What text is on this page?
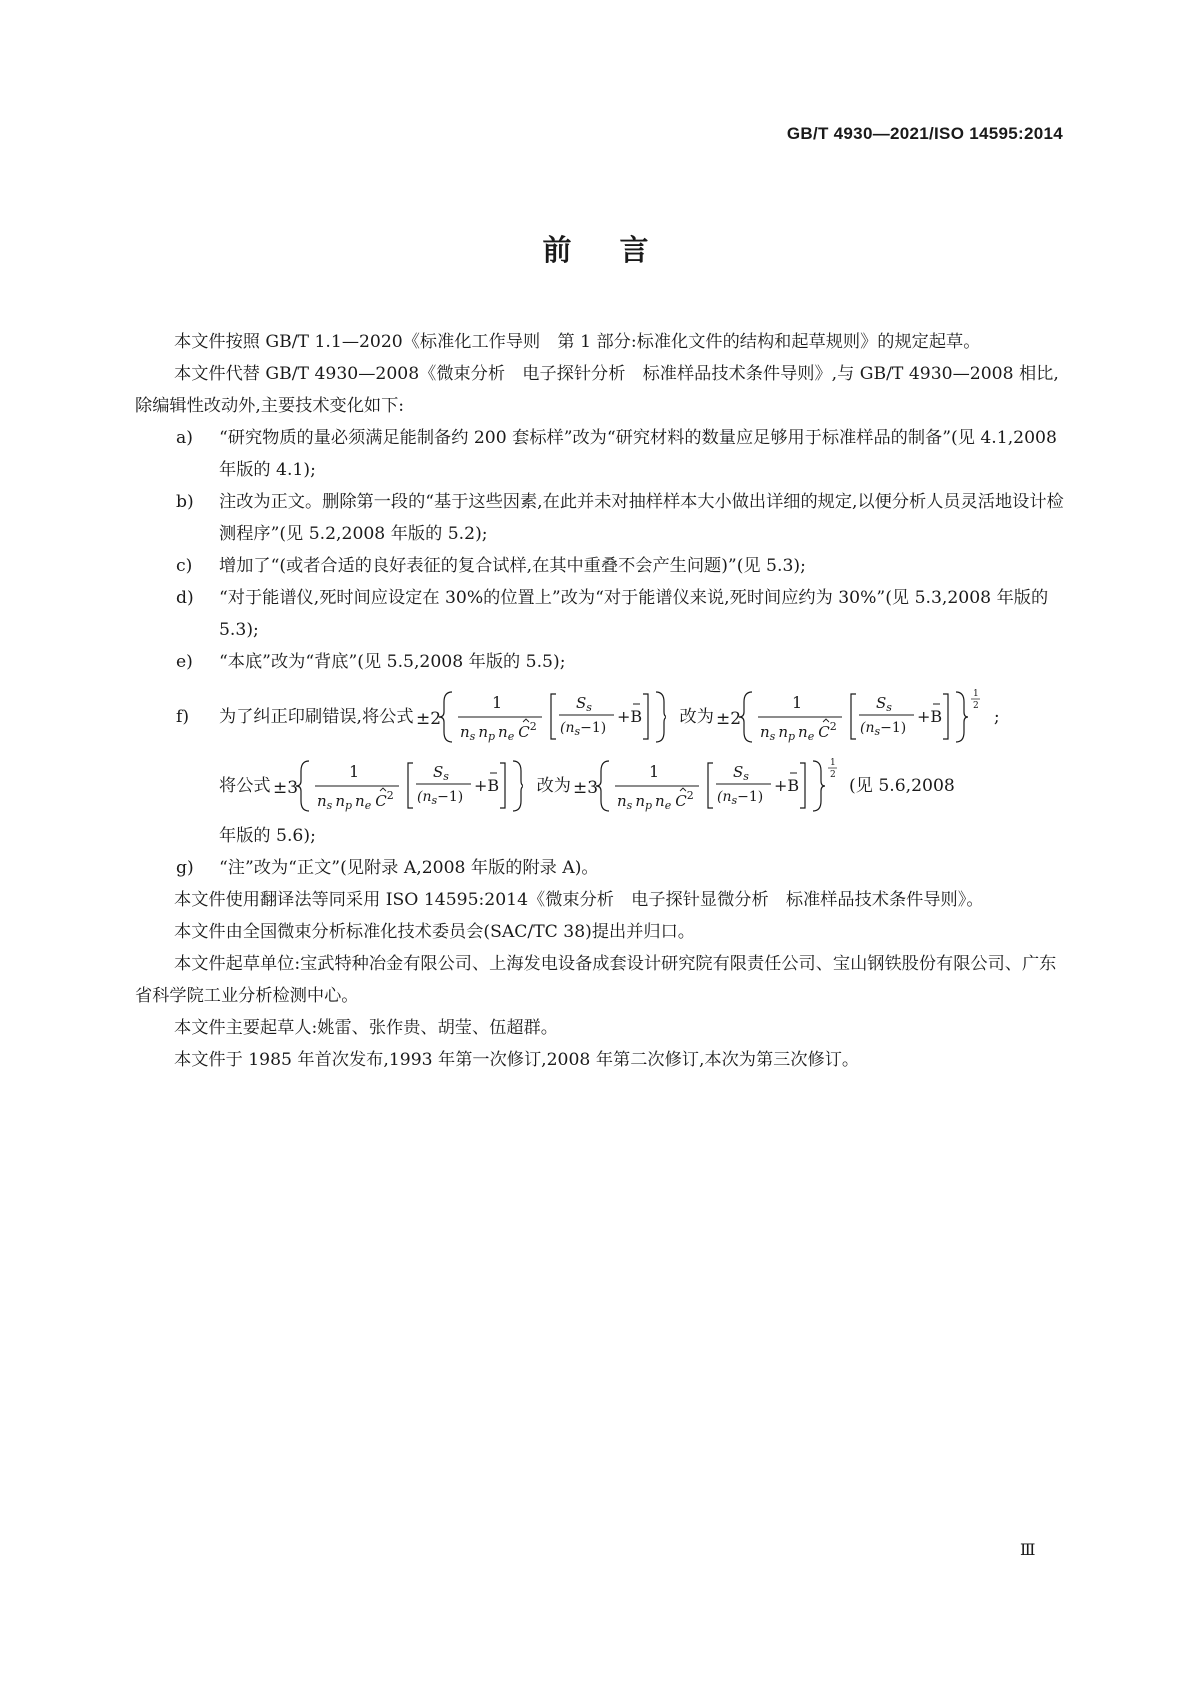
GB/T 4930—2021/ISO 14595:2014
前言

本文件按照 GB/T 1.1—2020《标准化工作导则　第 1 部分:标准化文件的结构和起草规则》的规定起草。

本文件代替 GB/T 4930—2008《微束分析　电子探针分析　标准样品技术条件导则》,与 GB/T 4930—2008 相比,除编辑性改动外,主要技术变化如下:

a) “研究物质的量必须满足能制备约 200 套标样”改为“研究材料的数量应足够用于标准样品的制备”(见 4.1,2008 年版的 4.1);
b) 注改为正文。删除第一段的“基于这些因素,在此并未对抽样样本大小做出详细的规定,以便分析人员灵活地设计检测程序”(见 5.2,2008 年版的 5.2);
c) 增加了“(或者合适的良好表征的复合试样,在其中重叠不会产生问题)”(见 5.3);
d) “对于能谱仪,死时间应设定在 30%的位置上”改为“对于能谱仪来说,死时间应约为 30%”(见 5.3,2008 年版的 5.3);
e) “本底”改为“背底”(见 5.5,2008 年版的 5.5);
f) 为了纠正印刷错误,将公式 ±2
1
$n_s$ $n_p$ $n_e$ $C^2$
$S_s$
$(n_s-1)$
+B 改为 ±2
1
$n_s$ $n_p$ $n_e$ $C^2$
$S_s$
$(n_s-1)$
+B
1
2
;
将公式 ±3
1
$n_s$ $n_p$ $n_e$ $C^2$
$S_s$
$(n_s-1)$
+B 改为 ±3
1
$n_s$ $n_p$ $n_e$ $C^2$
$S_s$
$(n_s-1)$
+B
1
2
(见 5.6,2008
年版的 5.6);
g) “注”改为“正文”(见附录 A,2008 年版的附录 A)。

本文件使用翻译法等同采用 ISO 14595:2014《微束分析　电子探针显微分析　标准样品技术条件导则》。

本文件由全国微束分析标准化技术委员会(SAC/TC 38)提出并归口。

本文件起草单位:宝武特种冶金有限公司、上海发电设备成套设计研究院有限责任公司、宝山钢铁股份有限公司、广东省科学院工业分析检测中心。

本文件主要起草人:姚雷、张作贵、胡莹、伍超群。

本文件于 1985 年首次发布,1993 年第一次修订,2008 年第二次修订,本次为第三次修订。

Ⅲ
